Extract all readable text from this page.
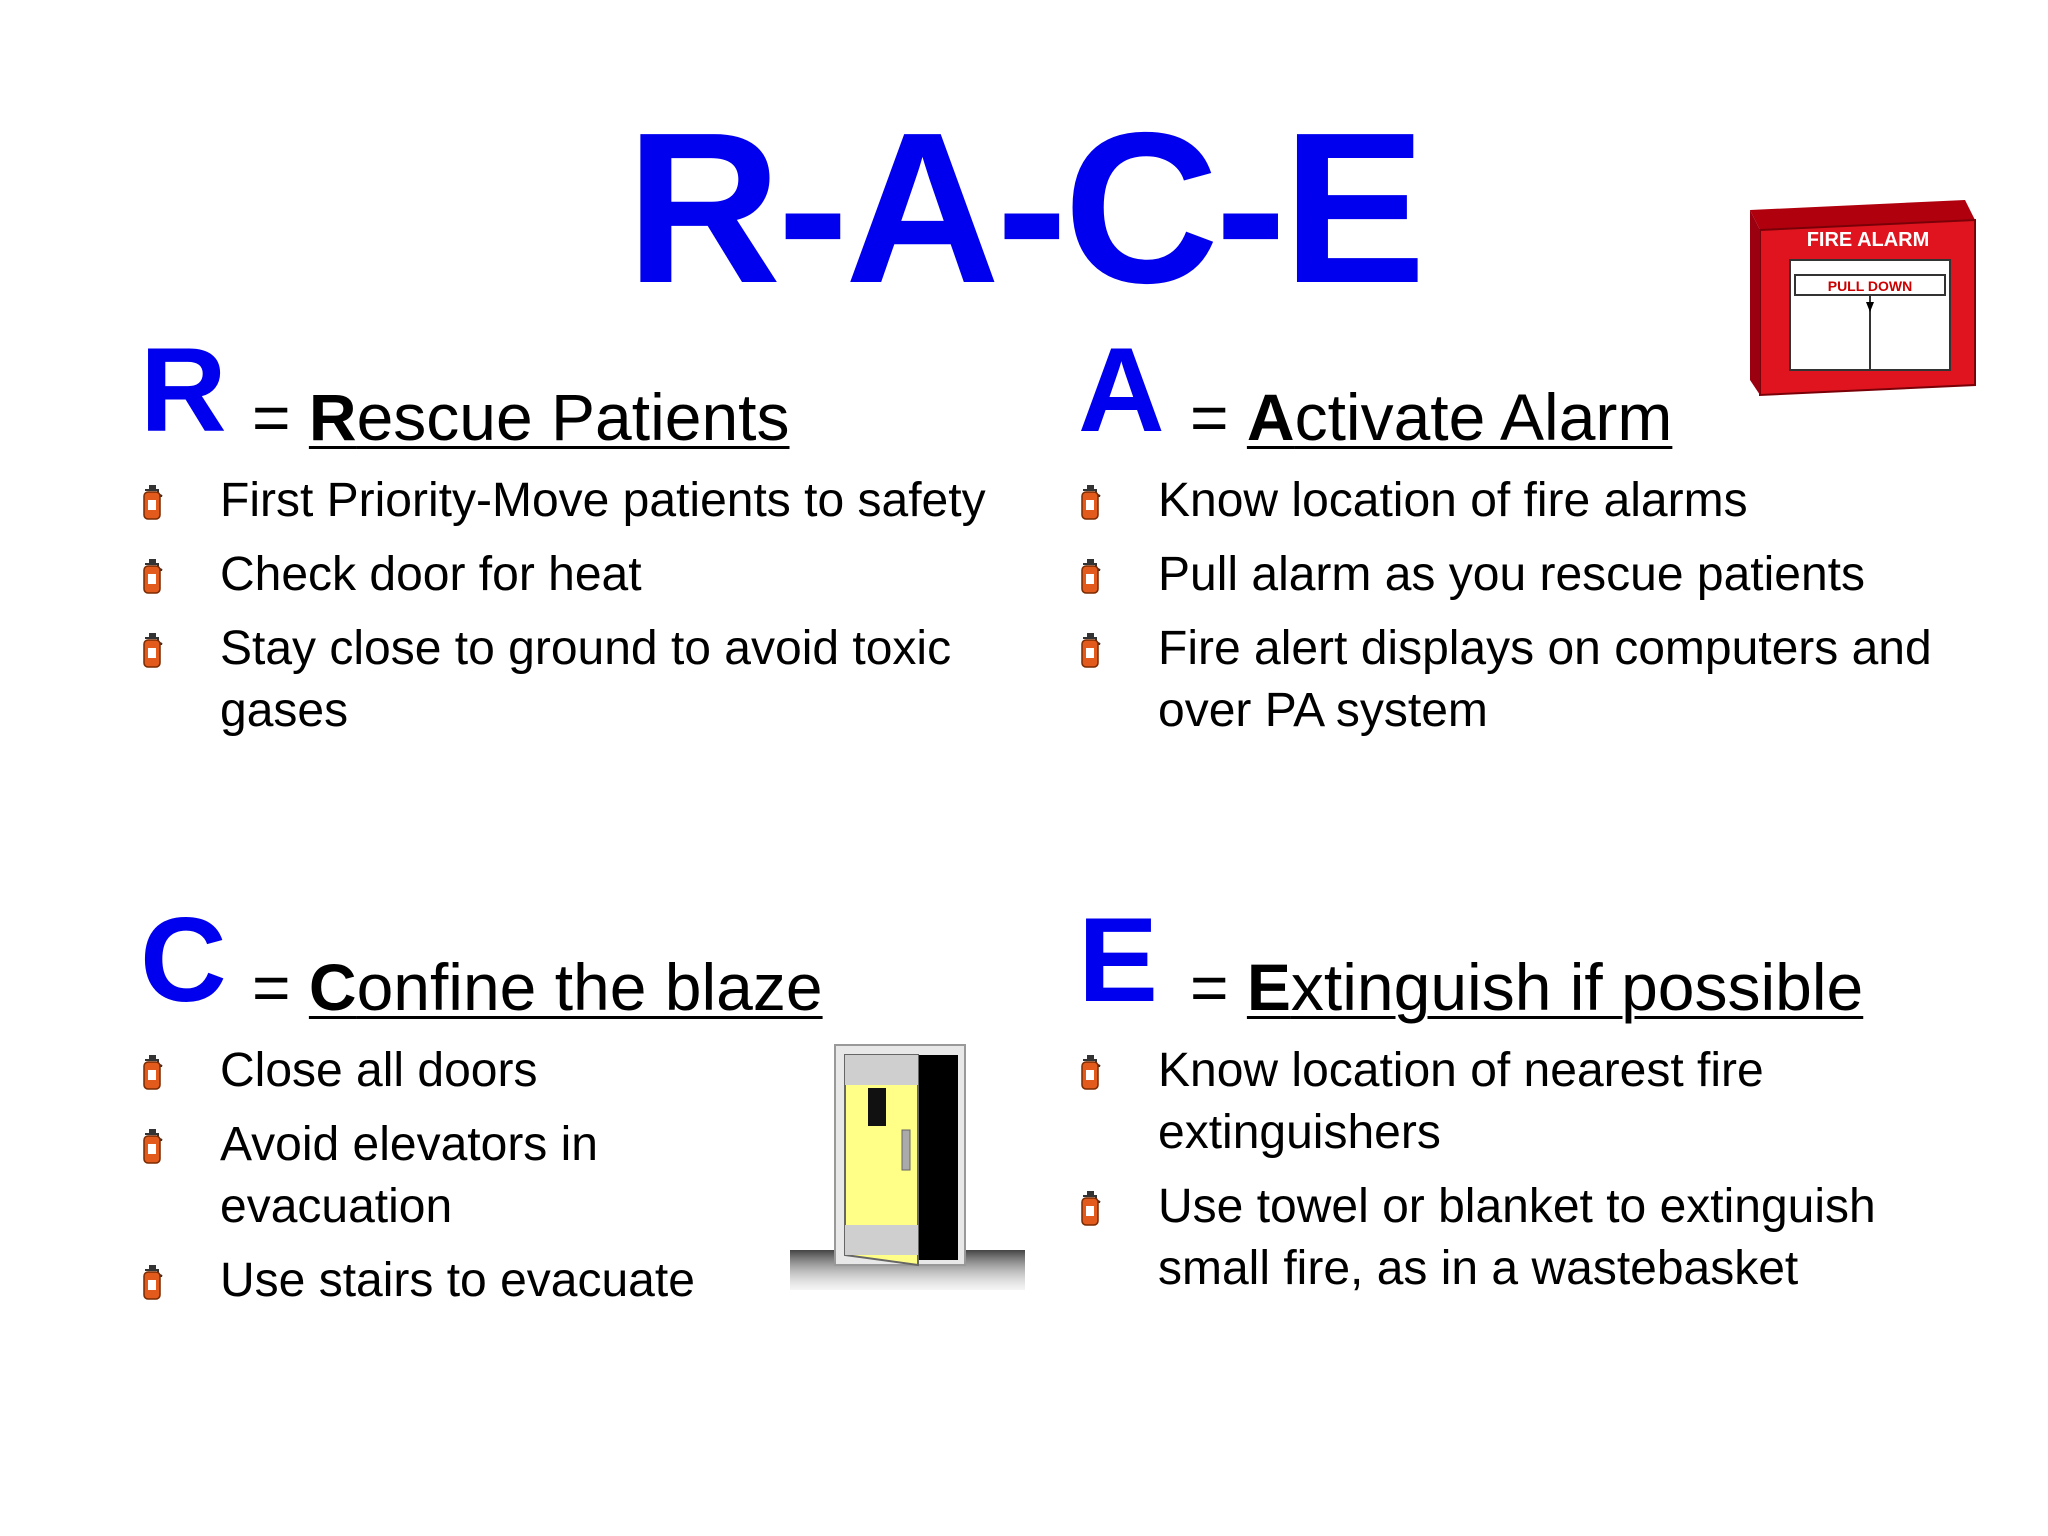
R-A-C-E
R = Rescue Patients
First Priority-Move patients to safety
Check door for heat
Stay close to ground to avoid toxic gases
A = Activate Alarm
Know location of fire alarms
Pull alarm as you rescue patients
Fire alert displays on computers and over PA system
FIRE ALARM
PULL DOWN
C = Confine the blaze
Close all doors
Avoid elevators in evacuation
Use stairs to evacuate
E = Extinguish if possible
Know location of nearest fire extinguishers
Use towel or blanket to extinguish small fire, as in a wastebasket
